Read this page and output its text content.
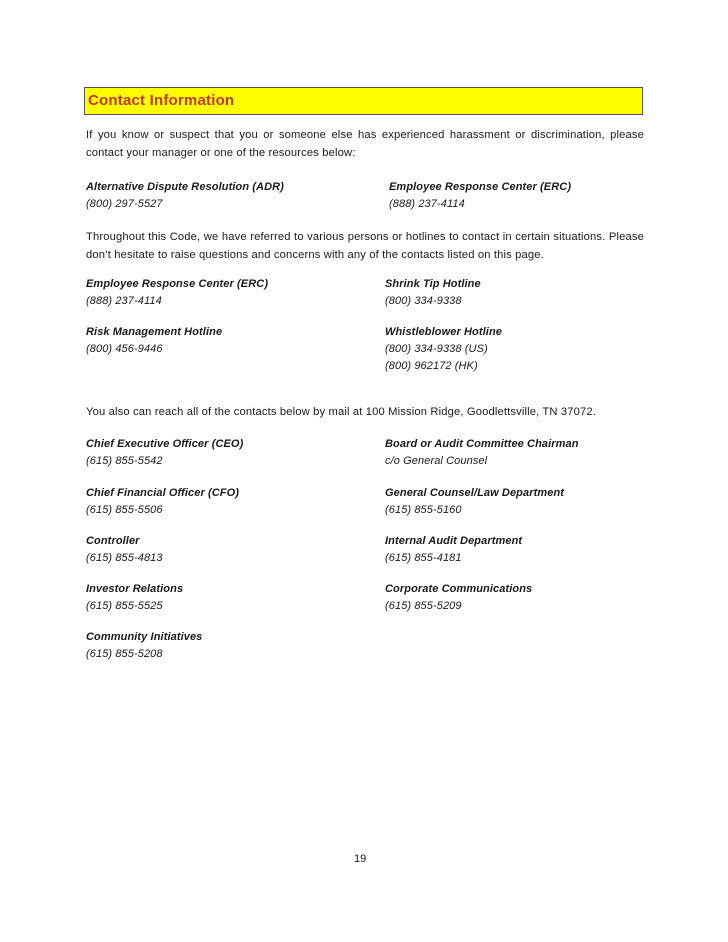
Contact Information
If you know or suspect that you or someone else has experienced harassment or discrimination, please contact your manager or one of the resources below:
Alternative Dispute Resolution (ADR)
(800) 297-5527
Employee Response Center (ERC)
(888) 237-4114
Throughout this Code, we have referred to various persons or hotlines to contact in certain situations. Please don’t hesitate to raise questions and concerns with any of the contacts listed on this page.
Employee Response Center (ERC)
(888) 237-4114
Shrink Tip Hotline
(800) 334-9338
Risk Management Hotline
(800) 456-9446
Whistleblower Hotline
(800) 334-9338 (US)
(800) 962172 (HK)
You also can reach all of the contacts below by mail at 100 Mission Ridge, Goodlettsville, TN 37072.
Chief Executive Officer (CEO)
(615) 855-5542
Board or Audit Committee Chairman
c/o General Counsel
Chief Financial Officer (CFO)
(615) 855-5506
General Counsel/Law Department
(615) 855-5160
Controller
(615) 855-4813
Internal Audit Department
(615) 855-4181
Investor Relations
(615) 855-5525
Corporate Communications
(615) 855-5209
Community Initiatives
(615) 855-5208
19
